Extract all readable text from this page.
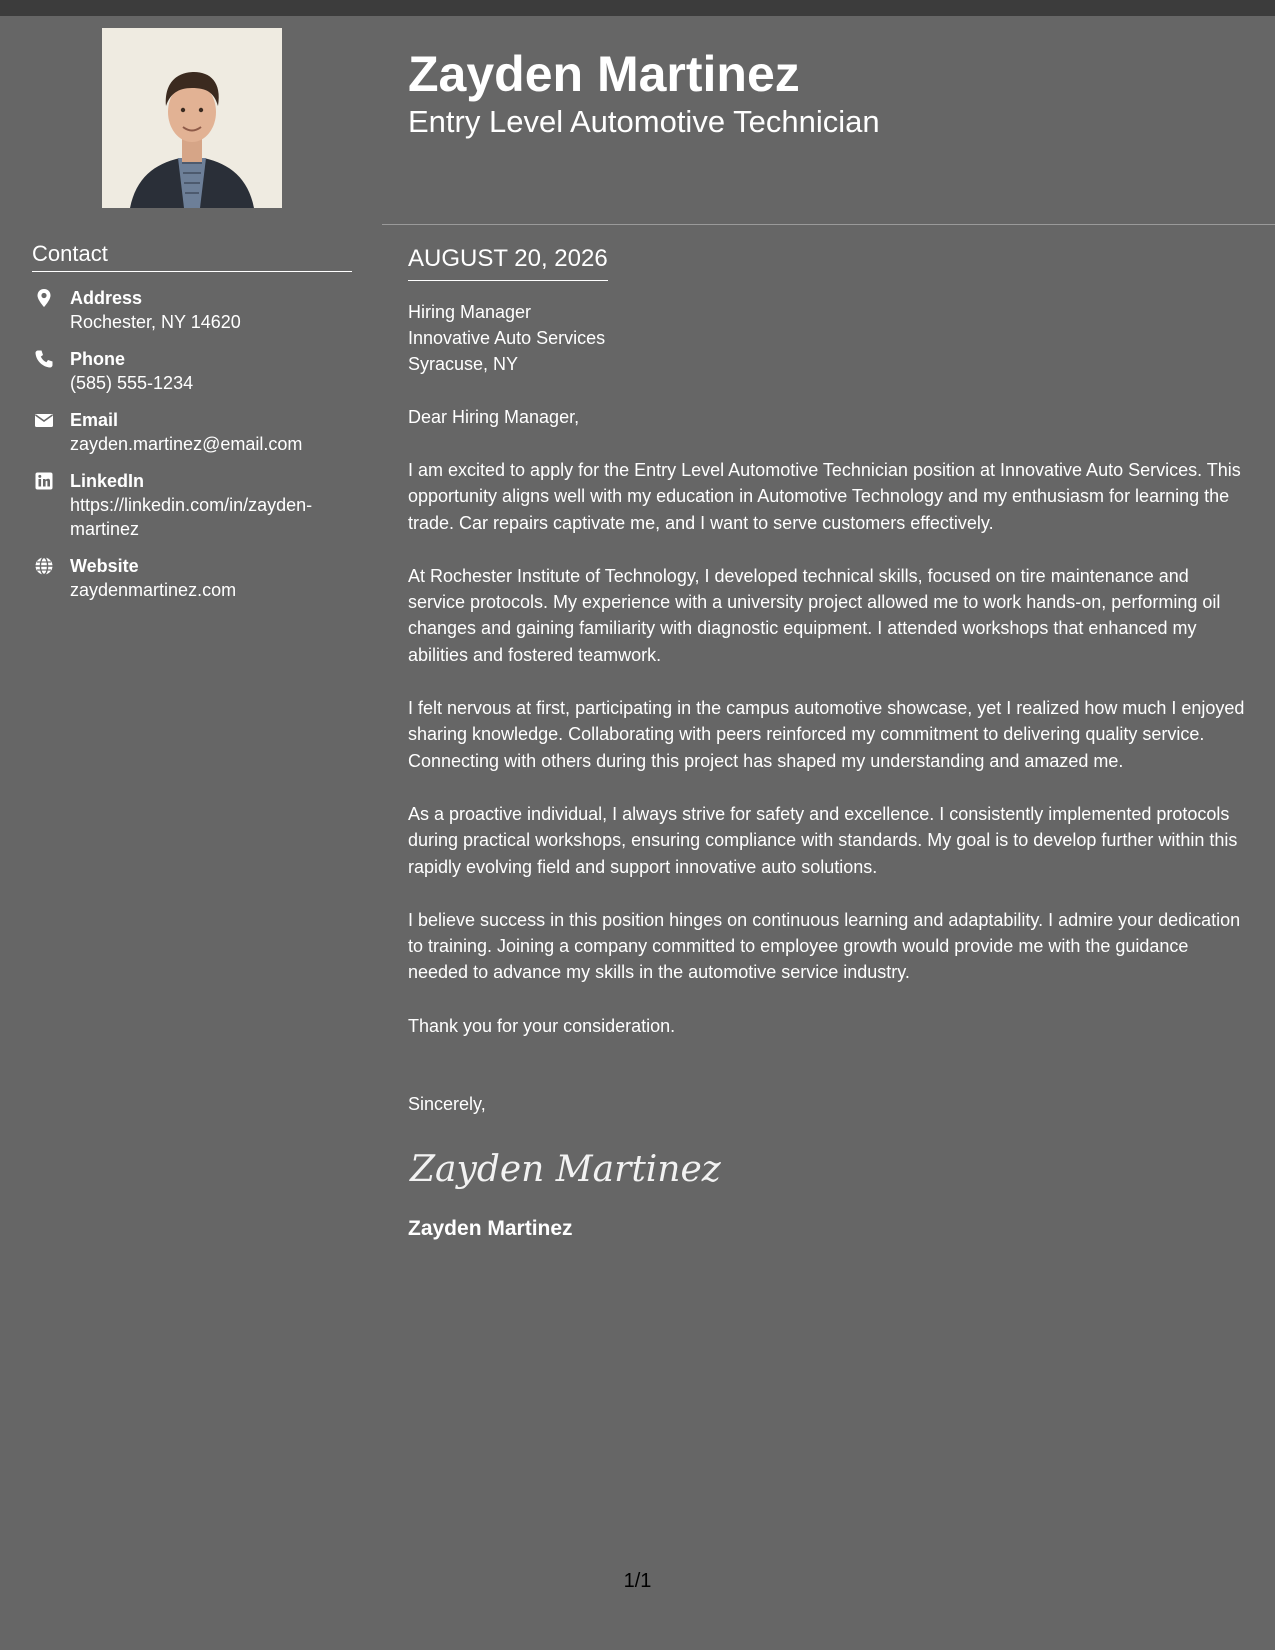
Contact
Address
Rochester, NY 14620
Phone
(585) 555-1234
Email
zayden.martinez@email.com
LinkedIn
https://linkedin.com/in/zayden-martinez
Website
zaydenmartinez.com
Zayden Martinez
Entry Level Automotive Technician
AUGUST 20, 2026
Hiring Manager
Innovative Auto Services
Syracuse, NY
Dear Hiring Manager,

I am excited to apply for the Entry Level Automotive Technician position at Innovative Auto Services. This opportunity aligns well with my education in Automotive Technology and my enthusiasm for learning the trade. Car repairs captivate me, and I want to serve customers effectively.

At Rochester Institute of Technology, I developed technical skills, focused on tire maintenance and service protocols. My experience with a university project allowed me to work hands-on, performing oil changes and gaining familiarity with diagnostic equipment. I attended workshops that enhanced my abilities and fostered teamwork.

I felt nervous at first, participating in the campus automotive showcase, yet I realized how much I enjoyed sharing knowledge. Collaborating with peers reinforced my commitment to delivering quality service. Connecting with others during this project has shaped my understanding and amazed me.

As a proactive individual, I always strive for safety and excellence. I consistently implemented protocols during practical workshops, ensuring compliance with standards. My goal is to develop further within this rapidly evolving field and support innovative auto solutions.

I believe success in this position hinges on continuous learning and adaptability. I admire your dedication to training. Joining a company committed to employee growth would provide me with the guidance needed to advance my skills in the automotive service industry.

Thank you for your consideration.

Sincerely,
Zayden Martinez
Zayden Martinez
1/1
